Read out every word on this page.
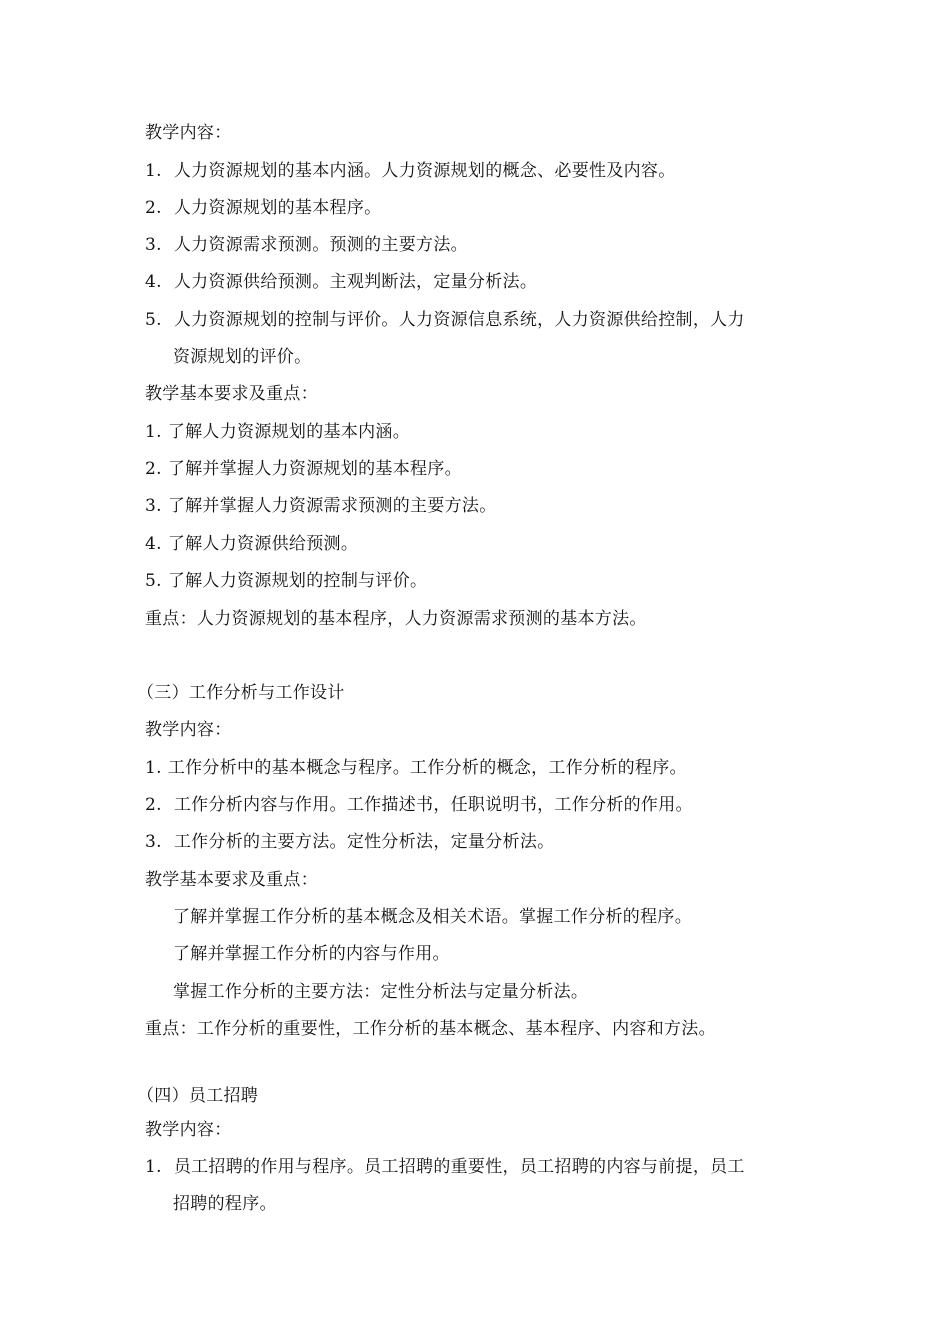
教学内容：
1. 人力资源规划的基本内涵。人力资源规划的概念、必要性及内容。
2. 人力资源规划的基本程序。
3. 人力资源需求预测。预测的主要方法。
4. 人力资源供给预测。主观判断法，定量分析法。
5. 人力资源规划的控制与评价。人力资源信息系统，人力资源供给控制，人力
资源规划的评价。
教学基本要求及重点：
1. 了解人力资源规划的基本内涵。
2. 了解并掌握人力资源规划的基本程序。
3. 了解并掌握人力资源需求预测的主要方法。
4. 了解人力资源供给预测。
5. 了解人力资源规划的控制与评价。
重点：人力资源规划的基本程序，人力资源需求预测的基本方法。
（三）工作分析与工作设计
教学内容：
1. 工作分析中的基本概念与程序。工作分析的概念，工作分析的程序。
2. 工作分析内容与作用。工作描述书，任职说明书，工作分析的作用。
3. 工作分析的主要方法。定性分析法，定量分析法。
教学基本要求及重点：
了解并掌握工作分析的基本概念及相关术语。掌握工作分析的程序。
了解并掌握工作分析的内容与作用。
掌握工作分析的主要方法：定性分析法与定量分析法。
重点：工作分析的重要性，工作分析的基本概念、基本程序、内容和方法。
（四）员工招聘
教学内容：
1. 员工招聘的作用与程序。员工招聘的重要性，员工招聘的内容与前提，员工
招聘的程序。
